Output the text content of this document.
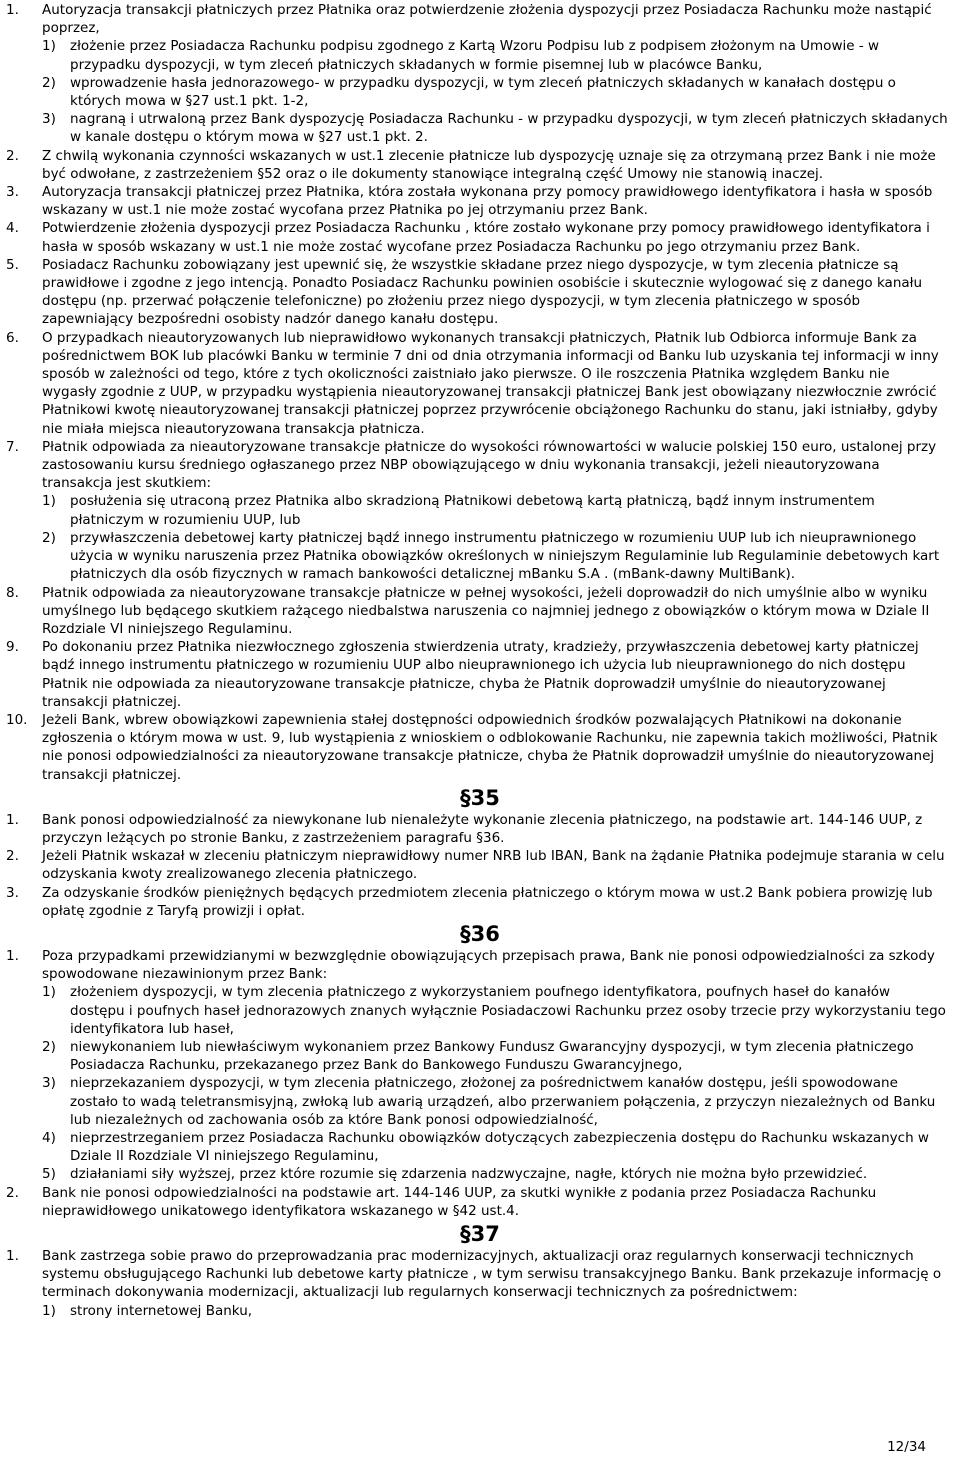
1. Autoryzacja transakcji płatniczych przez Płatnika oraz potwierdzenie złożenia dyspozycji przez Posiadacza Rachunku może nastąpić poprzez,
1) złożenie przez Posiadacza Rachunku podpisu zgodnego z Kartą Wzoru Podpisu lub z podpisem złożonym na Umowie - w przypadku dyspozycji, w tym zleceń płatniczych składanych w formie pisemnej lub w placówce Banku,
2) wprowadzenie hasła jednorazowego- w przypadku dyspozycji, w tym zleceń płatniczych składanych w kanałach dostępu o których mowa w §27 ust.1 pkt. 1-2,
3) nagraną i utrwaloną przez Bank dyspozycję Posiadacza Rachunku - w przypadku dyspozycji, w tym zleceń płatniczych składanych w kanale dostępu o którym mowa w §27 ust.1 pkt. 2.
2. Z chwilą wykonania czynności wskazanych w ust.1 zlecenie płatnicze lub dyspozycję uznaje się za otrzymaną przez Bank i nie może być odwołane, z zastrzeżeniem §52 oraz o ile dokumenty stanowiące integralną część Umowy nie stanowią inaczej.
3. Autoryzacja transakcji płatniczej przez Płatnika, która została wykonana przy pomocy prawidłowego identyfikatora i hasła w sposób wskazany w ust.1 nie może zostać wycofana przez Płatnika po jej otrzymaniu przez Bank.
4. Potwierdzenie złożenia dyspozycji przez Posiadacza Rachunku , które zostało wykonane przy pomocy prawidłowego identyfikatora i hasła w sposób wskazany w ust.1 nie może zostać wycofane przez Posiadacza Rachunku po jego otrzymaniu przez Bank.
5. Posiadacz Rachunku zobowiązany jest upewnić się, że wszystkie składane przez niego dyspozycje, w tym zlecenia płatnicze są prawidłowe i zgodne z jego intencją. Ponadto Posiadacz Rachunku powinien osobiście i skutecznie wylogować się z danego kanału dostępu (np. przerwać połączenie telefoniczne) po złożeniu przez niego dyspozycji, w tym zlecenia płatniczego w sposób zapewniający bezpośredni osobisty nadzór danego kanału dostępu.
6. O przypadkach nieautoryzowanych lub nieprawidłowo wykonanych transakcji płatniczych, Płatnik lub Odbiorca informuje Bank za pośrednictwem BOK lub placówki Banku w terminie 7 dni od dnia otrzymania informacji od Banku lub uzyskania tej informacji w inny sposób w zależności od tego, które z tych okoliczności zaistniało jako pierwsze. O ile roszczenia Płatnika względem Banku nie wygasły zgodnie z UUP, w przypadku wystąpienia nieautoryzowanej transakcji płatniczej Bank jest obowiązany niezwłocznie zwrócić Płatnikowi kwotę nieautoryzowanej transakcji płatniczej poprzez przywrócenie obciążonego Rachunku do stanu, jaki istniałby, gdyby nie miała miejsca nieautoryzowana transakcja płatnicza.
7. Płatnik odpowiada za nieautoryzowane transakcje płatnicze do wysokości równowartości w walucie polskiej 150 euro, ustalonej przy zastosowaniu kursu średniego ogłaszanego przez NBP obowiązującego w dniu wykonania transakcji, jeżeli nieautoryzowana transakcja jest skutkiem:
1) posłużenia się utraconą przez Płatnika albo skradzioną Płatnikowi debetową kartą płatniczą, bądź innym instrumentem płatniczym w rozumieniu UUP, lub
2) przywłaszczenia debetowej karty płatniczej bądź innego instrumentu płatniczego w rozumieniu UUP lub ich nieuprawnionego użycia w wyniku naruszenia przez Płatnika obowiązków określonych w niniejszym Regulaminie lub Regulaminie debetowych kart płatniczych dla osób fizycznych w ramach bankowości detalicznej mBanku S.A . (mBank-dawny MultiBank).
8. Płatnik odpowiada za nieautoryzowane transakcje płatnicze w pełnej wysokości, jeżeli doprowadził do nich umyślnie albo w wyniku umyślnego lub będącego skutkiem rażącego niedbalstwa naruszenia co najmniej jednego z obowiązków o którym mowa w Dziale II Rozdziale VI niniejszego Regulaminu.
9. Po dokonaniu przez Płatnika niezwłocznego zgłoszenia stwierdzenia utraty, kradzieży, przywłaszczenia debetowej karty płatniczej bądź innego instrumentu płatniczego w rozumieniu UUP albo nieuprawnionego ich użycia lub nieuprawnionego do nich dostępu Płatnik nie odpowiada za nieautoryzowane transakcje płatnicze, chyba że Płatnik doprowadził umyślnie do nieautoryzowanej transakcji płatniczej.
10. Jeżeli Bank, wbrew obowiązkowi zapewnienia stałej dostępności odpowiednich środków pozwalających Płatnikowi na dokonanie zgłoszenia o którym mowa w ust. 9, lub wystąpienia z wnioskiem o odblokowanie Rachunku, nie zapewnia takich możliwości, Płatnik nie ponosi odpowiedzialności za nieautoryzowane transakcje płatnicze, chyba że Płatnik doprowadził umyślnie do nieautoryzowanej transakcji płatniczej.
§35
1. Bank ponosi odpowiedzialność za niewykonane lub nienależyte wykonanie zlecenia płatniczego, na podstawie art. 144-146 UUP, z przyczyn leżących po stronie Banku, z zastrzeżeniem paragrafu §36.
2. Jeżeli Płatnik wskazał w zleceniu płatniczym nieprawidłowy numer NRB lub IBAN, Bank na żądanie Płatnika podejmuje starania w celu odzyskania kwoty zrealizowanego zlecenia płatniczego.
3. Za odzyskanie środków pieniężnych będących przedmiotem zlecenia płatniczego o którym mowa w ust.2 Bank pobiera prowizję lub opłatę zgodnie z Taryfą prowizji i opłat.
§36
1. Poza przypadkami przewidzianymi w bezwzględnie obowiązujących przepisach prawa, Bank nie ponosi odpowiedzialności za szkody spowodowane niezawinionym przez Bank:
1) złożeniem dyspozycji, w tym zlecenia płatniczego z wykorzystaniem poufnego identyfikatora, poufnych haseł do kanałów dostępu i poufnych haseł jednorazowych znanych wyłącznie Posiadaczowi Rachunku przez osoby trzecie przy wykorzystaniu tego identyfikatora lub haseł,
2) niewykonaniem lub niewłaściwym wykonaniem przez Bankowy Fundusz Gwarancyjny dyspozycji, w tym zlecenia płatniczego Posiadacza Rachunku, przekazanego przez Bank do Bankowego Funduszu Gwarancyjnego,
3) nieprzekazaniem dyspozycji, w tym zlecenia płatniczego, złożonej za pośrednictwem kanałów dostępu, jeśli spowodowane zostało to wadą teletransmisyjną, zwłoką lub awarią urządzeń, albo przerwaniem połączenia, z przyczyn niezależnych od Banku lub niezależnych od zachowania osób za które Bank ponosi odpowiedzialność,
4) nieprzestrzeganiem przez Posiadacza Rachunku obowiązków dotyczących zabezpieczenia dostępu do Rachunku wskazanych w Dziale II Rozdziale VI niniejszego Regulaminu,
5) działaniami siły wyższej, przez które rozumie się zdarzenia nadzwyczajne, nagłe, których nie można było przewidzieć.
2. Bank nie ponosi odpowiedzialności na podstawie art. 144-146 UUP, za skutki wynikłe z podania przez Posiadacza Rachunku nieprawidłowego unikatowego identyfikatora wskazanego w §42 ust.4.
§37
1. Bank zastrzega sobie prawo do przeprowadzania prac modernizacyjnych, aktualizacji oraz regularnych konserwacji technicznych systemu obsługującego Rachunki lub debetowe karty płatnicze , w tym serwisu transakcyjnego Banku. Bank przekazuje informację o terminach dokonywania modernizacji, aktualizacji lub regularnych konserwacji technicznych za pośrednictwem:
1) strony internetowej Banku,
12/34
